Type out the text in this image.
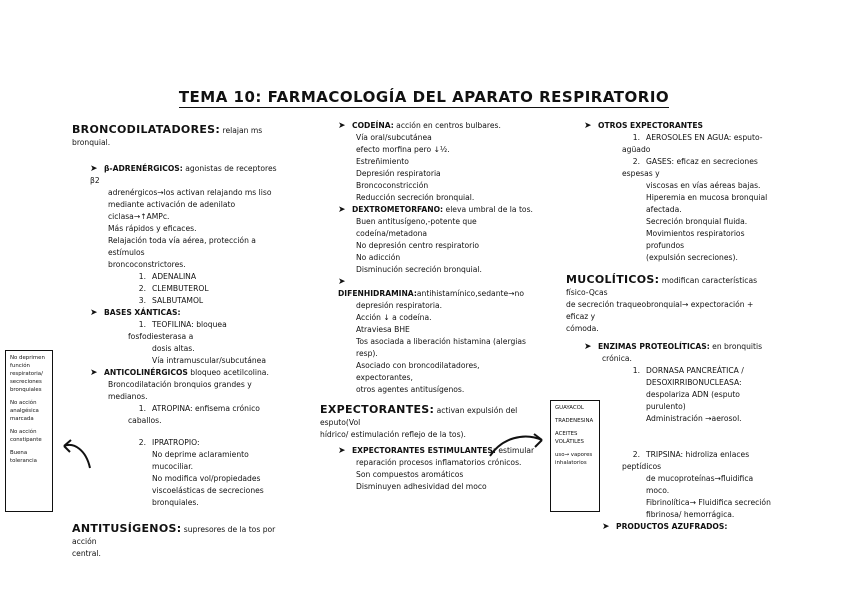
TEMA 10: FARMACOLOGÍA DEL APARATO RESPIRATORIO

BRONCODILATADORES: relajan ms bronquial.

➤ β-ADRENÉRGICOS: agonistas de receptores β2

adrenérgicos→los activan relajando ms liso

mediante activación de adenilato ciclasa→↑AMPc.

Más rápidos y eficaces.

Relajación toda vía aérea, protección a estímulos

broncoconstrictores.

1. ADENALINA

2. CLEMBUTEROL

3. SALBUTAMOL

➤ BASES XÁNTICAS:

1. TEOFILINA: bloquea fosfodiesterasa a

dosis altas.

Vía intramuscular/subcutánea

➤ ANTICOLINÉRGICOS bloqueo acetilcolina.

Broncodilatación bronquios grandes y medianos.

1. ATROPINA: enfisema crónico caballos.

2. IPRATROPIO:

No deprime aclaramiento mucociliar.

No modifica vol/propiedades

viscoelásticas de secreciones bronquiales.

ANTITUSÍGENOS: supresores de la tos por acción

central.

No deprimen función respiratoria/ secreciones bronquiales

No acción analgésica marcada

No acción constipante

Buena tolerancia

➤ CODEÍNA: acción en centros bulbares.

Vía oral/subcutánea

efecto morfina pero ↓½.

Estreñimiento

Depresión respiratoria

Broncoconstricción

Reducción secreción bronquial.

➤ DEXTROMETORFANO: eleva umbral de la tos.

Buen antitusígeno,-potente que codeína/metadona

No depresión centro respiratorio

No adicción

Disminución secreción bronquial.

➤DIFENHIDRAMINA:antihistamínico,sedante→no

depresión respiratoria.

Acción ↓ a codeína.

Atraviesa BHE

Tos asociada a liberación histamina (alergias resp).

Asociado con broncodilatadores, expectorantes,

otros agentes antitusígenos.

EXPECTORANTES: activan expulsión del esputo(Vol

hídrico/ estimulación reflejo de la tos).

➤ EXPECTORANTES ESTIMULANTES: estimular

reparación procesos inflamatorios crónicos.

Son compuestos aromáticos

Disminuyen adhesividad del moco

GUAYACOL

TRADENESINA

ACEITES VOLÁTILES

uso→ vapores inhalatorios

➤ OTROS EXPECTORANTES

1. AEROSOLES EN AGUA: esputo-agüado

2. GASES: eficaz en secreciones espesas y

viscosas en vías aéreas bajas.

Hiperemia en mucosa bronquial

afectada.

Secreción bronquial fluida.

Movimientos respiratorios profundos

(expulsión secreciones).

MUCOLÍTICOS: modifican características físico-Qcas

de secreción traqueobronquial→ expectoración + eficaz y

cómoda.

➤ ENZIMAS PROTEOLÍTICAS: en bronquitis

crónica.

1. DORNASA PANCREÁTICA /

DESOXIRRIBONUCLEASA:

despolariza ADN (esputo purulento)

Administración →aerosol.

2. TRIPSINA: hidroliza enlaces peptídicos

de mucoproteínas→fluidifica moco.

Fibrinolítica→ Fluidifica secreción

fibrinosa/ hemorrágica.

➤ PRODUCTOS AZUFRADOS:
